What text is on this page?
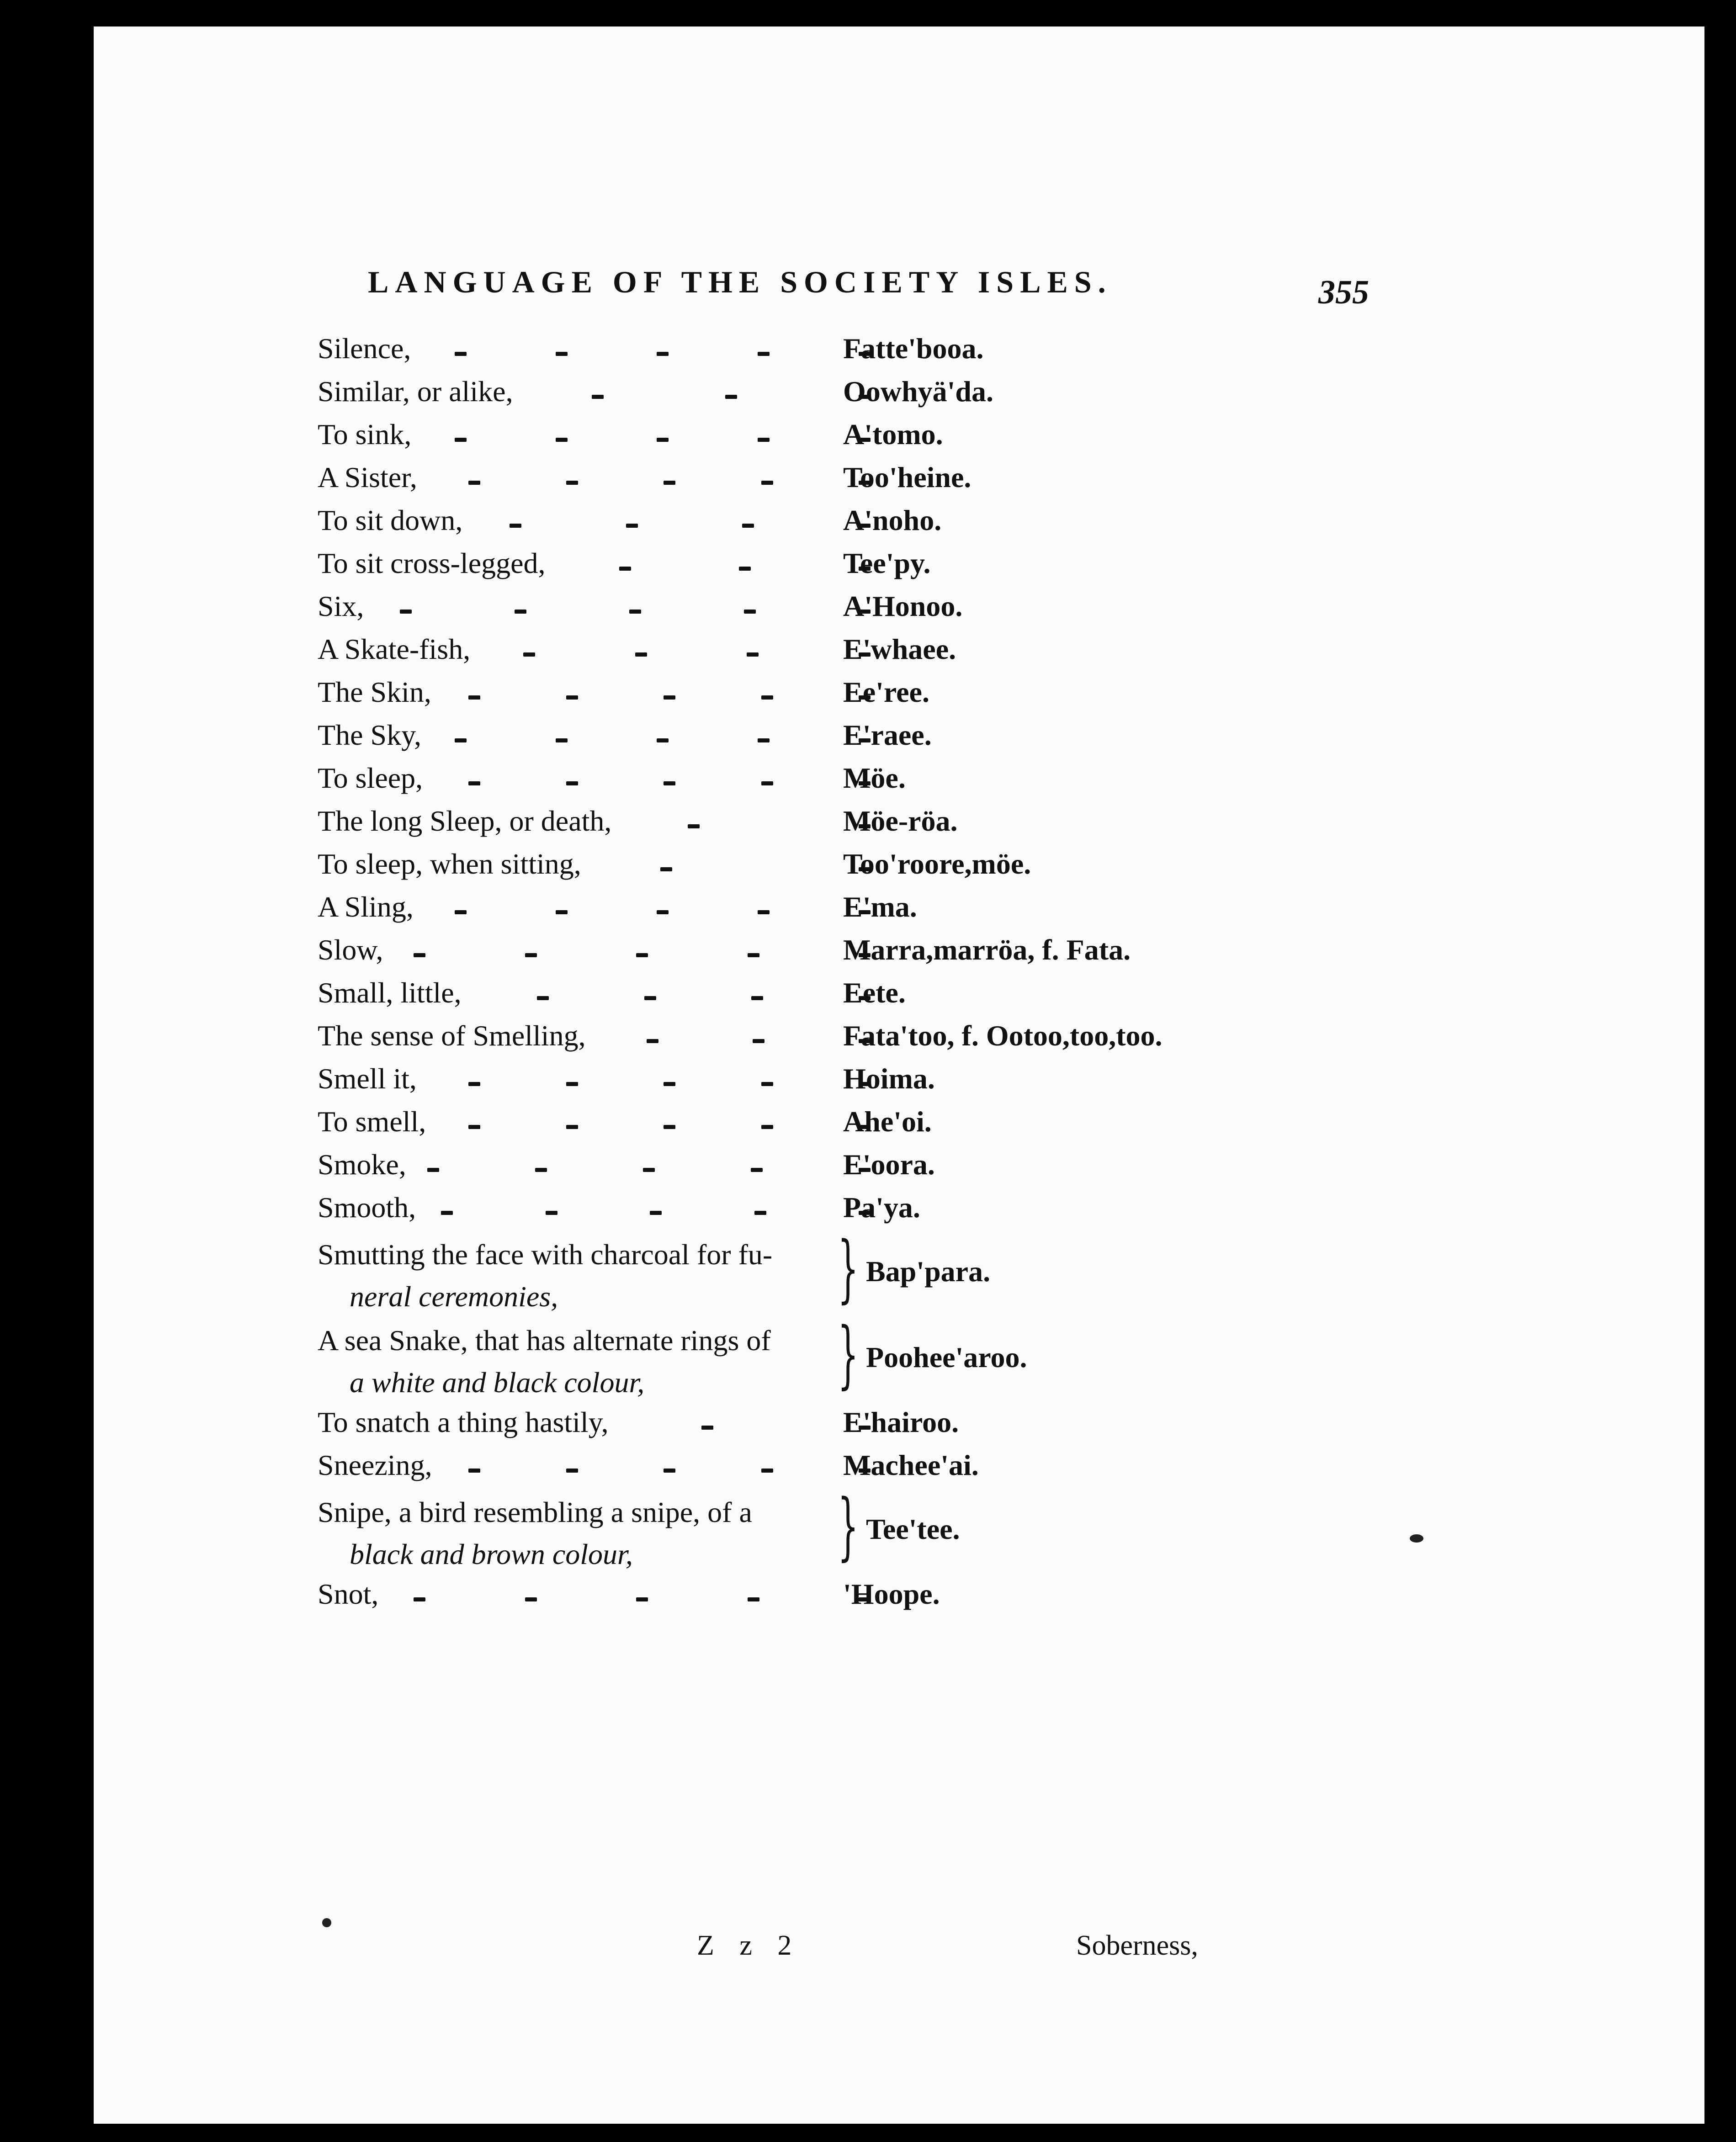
LANGUAGE OF THE SOCIETY ISLES.	355
Silence,	Fatte'booa.
Similar, or alike,	Oowhyä'da.
To sink,	A'tomo.
A Sister,	Too'heine.
To sit down,	A'noho.
To sit cross-legged,	Tee'py.
Six,	A'Honoo.
A Skate-fish,	E'whaee.
The Skin,	Ee'ree.
The Sky,	E'raee.
To sleep,	Möe.
The long Sleep, or death,	Möe-röa.
To sleep, when sitting,	Too'roore,möe.
A Sling,	E'ma.
Slow,	Marra,marröa, f. Fata.
Small, little,	Eete.
The sense of Smelling,	Fata'too, f. Ootoo,too,too.
Smell it,	Hoima.
To smell,	Ahe'oi.
Smoke,	E'oora.
Smooth,	Pa'ya.
Smutting the face with charcoal for fu-
neral ceremonies,	} Bap'para.
A sea Snake, that has alternate rings of
a white and black colour,	} Poohee'aroo.
To snatch a thing hastily,	E'hairoo.
Sneezing,	Machee'ai.
Snipe, a bird resembling a snipe, of a
black and brown colour,	} Tee'tee.
Snot,	'Hoope.
Z z 2	Soberness,
